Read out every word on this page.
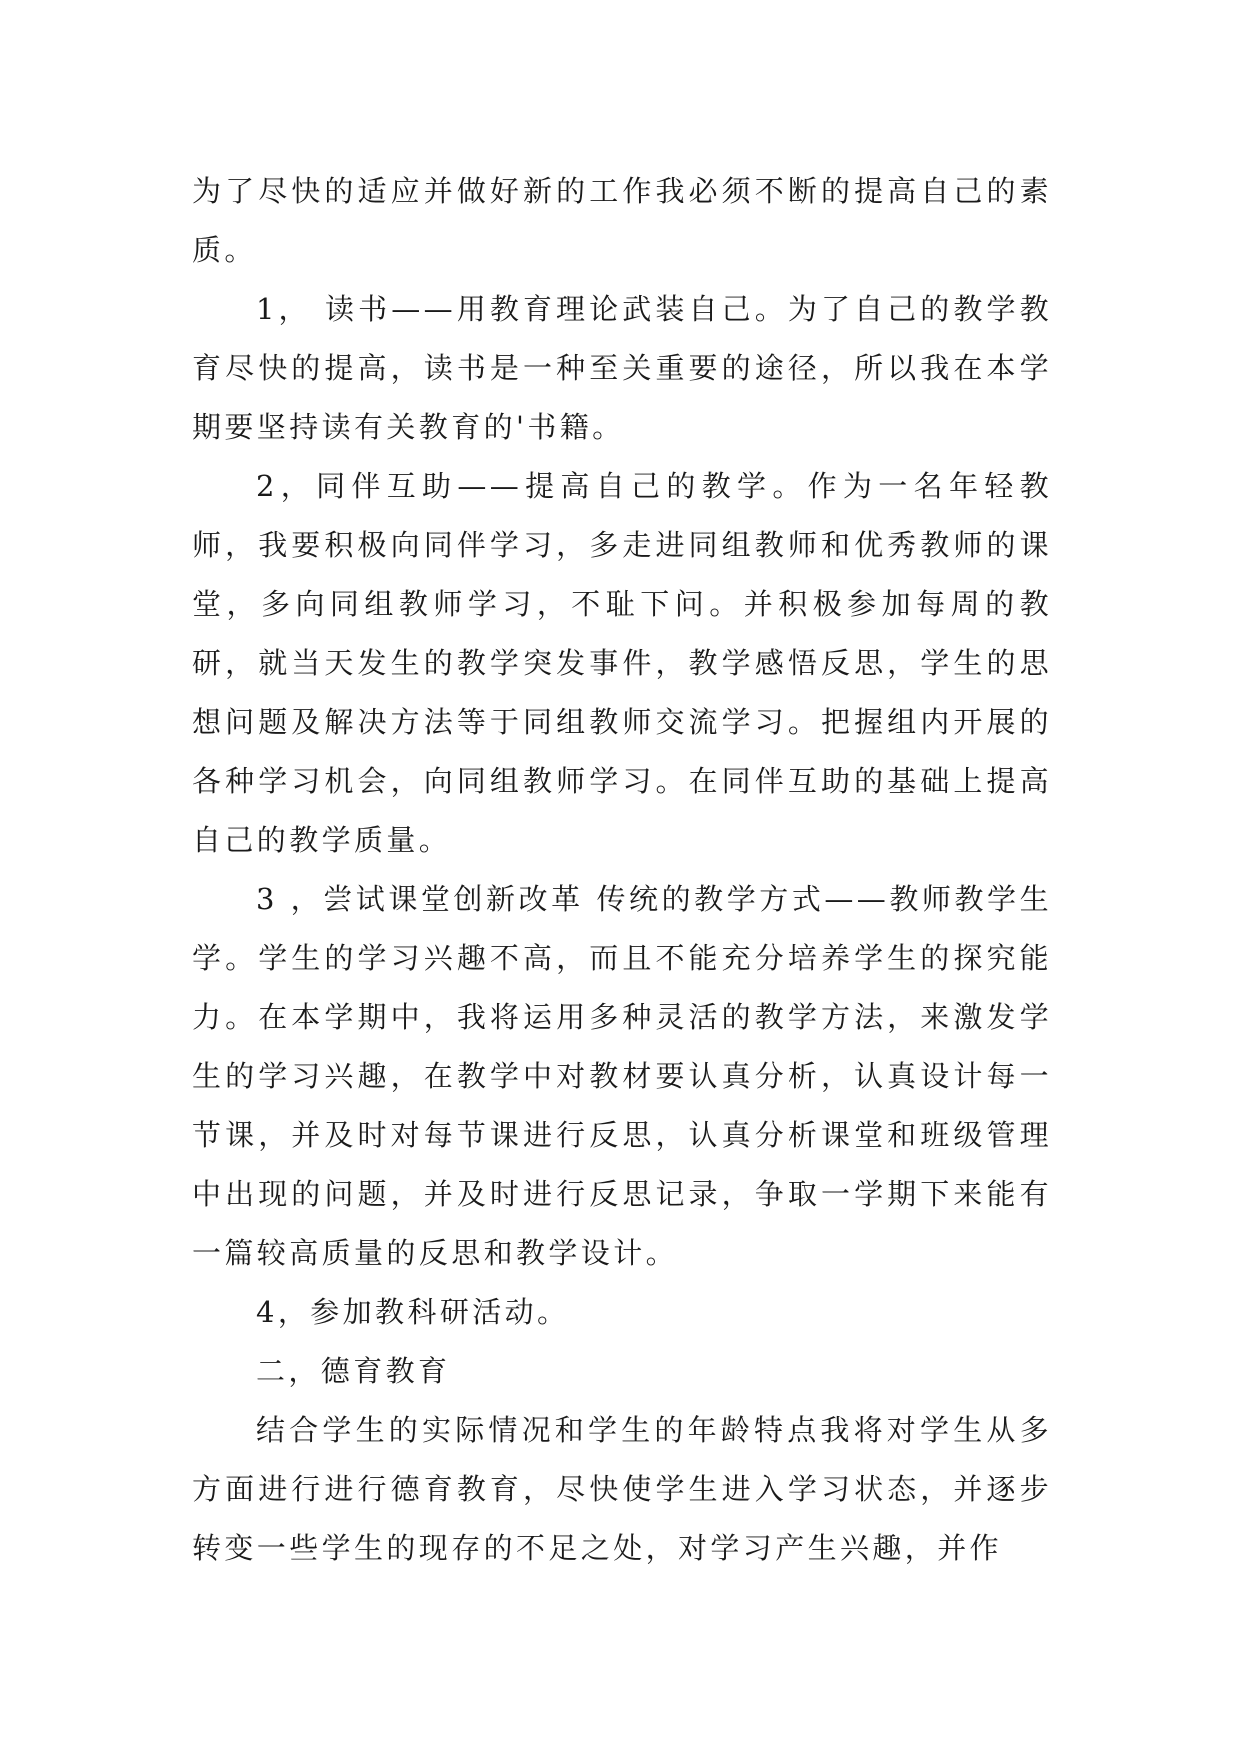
为了尽快的适应并做好新的工作我必须不断的提高自己的素质。

1， 读书——用教育理论武装自己。为了自己的教学教育尽快的提高，读书是一种至关重要的途径，所以我在本学期要坚持读有关教育的'书籍。

2，同伴互助——提高自己的教学。作为一名年轻教师，我要积极向同伴学习，多走进同组教师和优秀教师的课堂，多向同组教师学习，不耻下问。并积极参加每周的教研，就当天发生的教学突发事件，教学感悟反思，学生的思想问题及解决方法等于同组教师交流学习。把握组内开展的各种学习机会，向同组教师学习。在同伴互助的基础上提高自己的教学质量。

3 ，尝试课堂创新改革 传统的教学方式——教师教学生学。学生的学习兴趣不高，而且不能充分培养学生的探究能力。在本学期中，我将运用多种灵活的教学方法，来激发学生的学习兴趣，在教学中对教材要认真分析，认真设计每一节课，并及时对每节课进行反思，认真分析课堂和班级管理中出现的问题，并及时进行反思记录，争取一学期下来能有一篇较高质量的反思和教学设计。

4，参加教科研活动。

二，德育教育

结合学生的实际情况和学生的年龄特点我将对学生从多方面进行进行德育教育，尽快使学生进入学习状态，并逐步转变一些学生的现存的不足之处，对学习产生兴趣，并作
